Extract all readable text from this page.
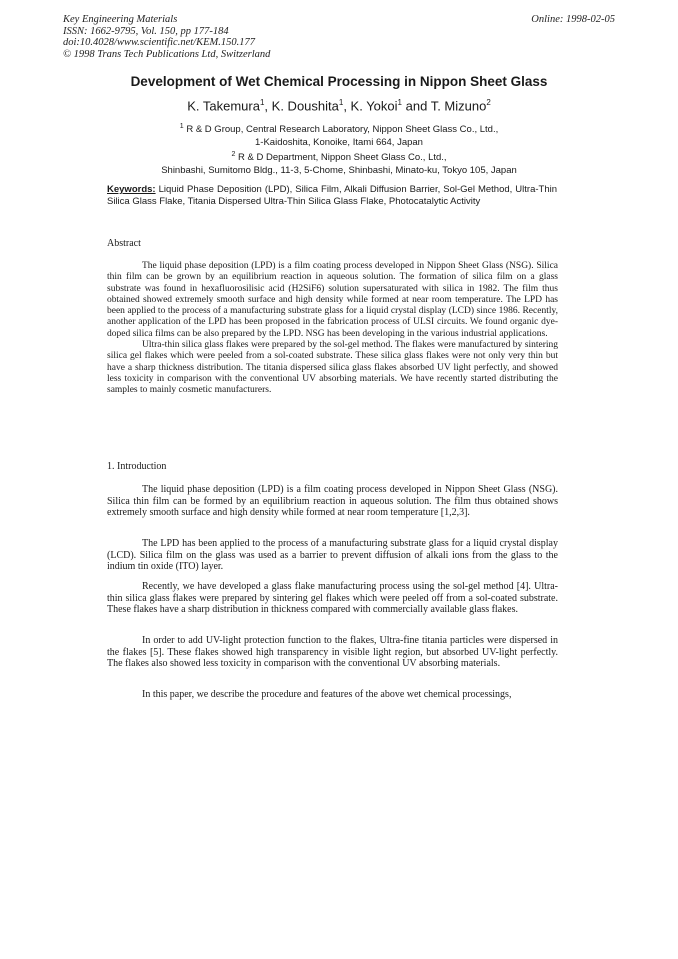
Key Engineering Materials
ISSN: 1662-9795, Vol. 150, pp 177-184
doi:10.4028/www.scientific.net/KEM.150.177
© 1998 Trans Tech Publications Ltd, Switzerland
Online: 1998-02-05
Development of Wet Chemical Processing in Nippon Sheet Glass
K. Takemura$^1$, K. Doushita$^1$, K. Yokoi$^1$ and T. Mizuno$^2$
$^1$ R & D Group, Central Research Laboratory, Nippon Sheet Glass Co., Ltd.,
1-Kaidoshita, Konoike, Itami 664, Japan
$^2$ R & D Department, Nippon Sheet Glass Co., Ltd.,
Shinbashi, Sumitomo Bldg., 11-3, 5-Chome, Shinbashi, Minato-ku, Tokyo 105, Japan
Keywords: Liquid Phase Deposition (LPD), Silica Film, Alkali Diffusion Barrier, Sol-Gel Method, Ultra-Thin Silica Glass Flake, Titania Dispersed Ultra-Thin Silica Glass Flake, Photocatalytic Activity
Abstract

The liquid phase deposition (LPD) is a film coating process developed in Nippon Sheet Glass (NSG). Silica thin film can be grown by an equilibrium reaction in aqueous solution. The formation of silica film on a glass substrate was found in hexafluorosilisic acid (H2SiF6) solution supersaturated with silica in 1982. The film thus obtained showed extremely smooth surface and high density while formed at near room temperature. The LPD has been applied to the process of a manufacturing substrate glass for a liquid crystal display (LCD) since 1986. Recently, another application of the LPD has been proposed in the fabrication process of ULSI circuits. We found organic dye-doped silica films can be also prepared by the LPD. NSG has been developing in the various industrial applications.

Ultra-thin silica glass flakes were prepared by the sol-gel method. The flakes were manufactured by sintering silica gel flakes which were peeled from a sol-coated substrate. These silica glass flakes were not only very thin but have a sharp thickness distribution. The titania dispersed silica glass flakes absorbed UV light perfectly, and showed less toxicity in comparison with the conventional UV absorbing materials. We have recently started distributing the samples to mainly cosmetic manufacturers.

1. Introduction

The liquid phase deposition (LPD) is a film coating process developed in Nippon Sheet Glass (NSG). Silica thin film can be formed by an equilibrium reaction in aqueous solution. The film thus obtained shows extremely smooth surface and high density while formed at near room temperature [1,2,3].

The LPD has been applied to the process of a manufacturing substrate glass for a liquid crystal display (LCD). Silica film on the glass was used as a barrier to prevent diffusion of alkali ions from the glass to the indium tin oxide (ITO) layer.

Recently, we have developed a glass flake manufacturing process using the sol-gel method [4]. Ultra-thin silica glass flakes were prepared by sintering gel flakes which were peeled off from a sol-coated substrate. These flakes have a sharp distribution in thickness compared with commercially available glass flakes.

In order to add UV-light protection function to the flakes, Ultra-fine titania particles were dispersed in the flakes [5]. These flakes showed high transparency in visible light region, but absorbed UV-light perfectly. The flakes also showed less toxicity in comparison with the conventional UV absorbing materials.

In this paper, we describe the procedure and features of the above wet chemical processings,
